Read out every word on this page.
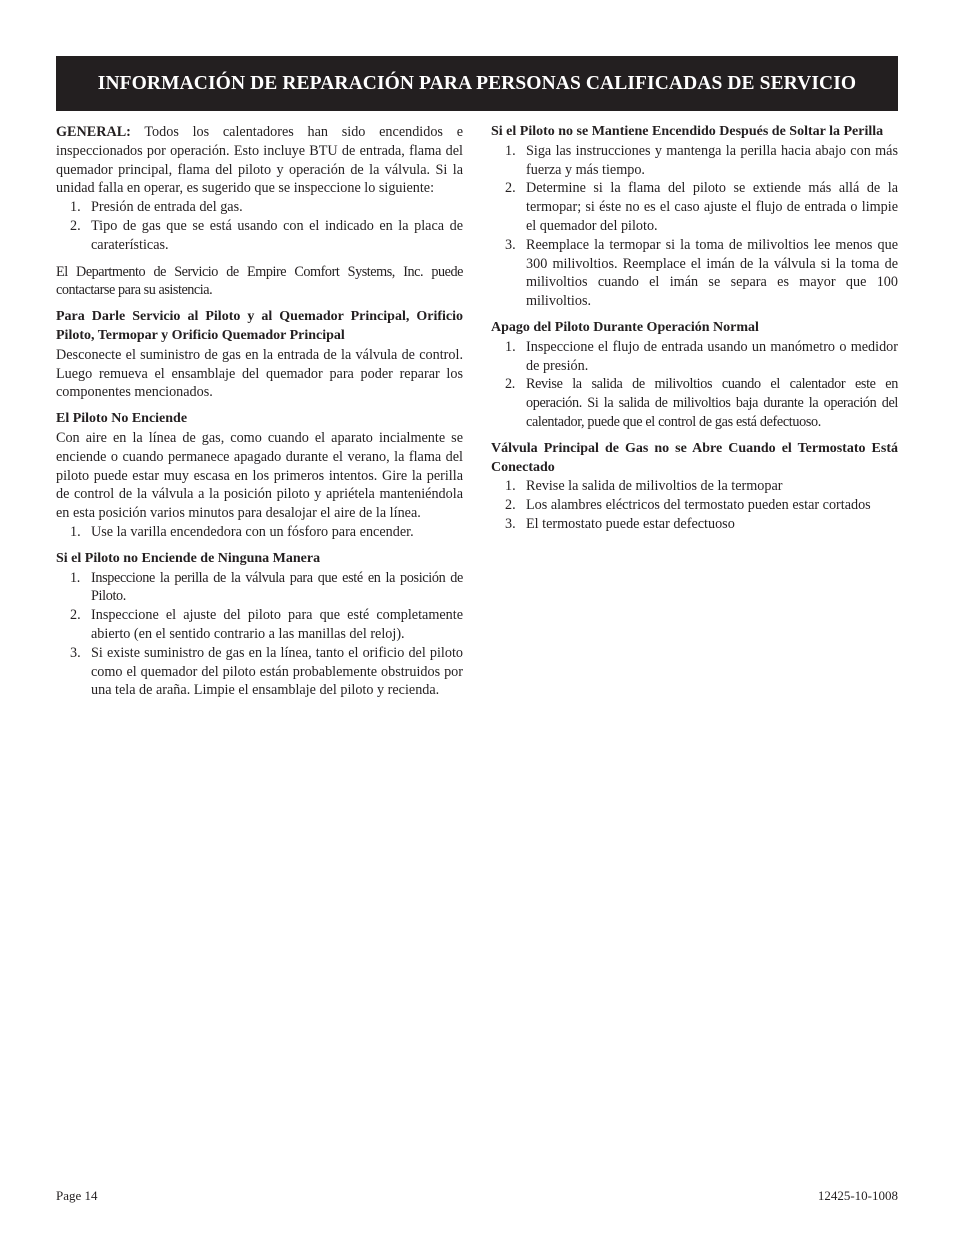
INFORMACIÓN DE REPARACIÓN PARA PERSONAS CALIFICADAS DE SERVICIO

GENERAL: Todos los calentadores han sido encendidos e inspeccionados por operación. Esto incluye BTU de entrada, flama del quemador principal, flama del piloto y operación de la válvula. Si la unidad falla en operar, es sugerido que se inspeccione lo siguiente:

1. Presión de entrada del gas.
2. Tipo de gas que se está usando con el indicado en la placa de caraterísticas.

El Departmento de Servicio de Empire Comfort Systems, Inc. puede contactarse para su asistencia.

Para Darle Servicio al Piloto y al Quemador Principal, Orificio Piloto, Termopar y Orificio Quemador Principal

Desconecte el suministro de gas en la entrada de la válvula de control. Luego remueva el ensamblaje del quemador para poder reparar los componentes mencionados.

El Piloto No Enciende

Con aire en la línea de gas, como cuando el aparato incialmente se enciende o cuando permanece apagado durante el verano, la flama del piloto puede estar muy escasa en los primeros intentos. Gire la perilla de control de la válvula a la posición piloto y apriétela manteniéndola en esta posición varios minutos para desalojar el aire de la línea.

1. Use la varilla encendedora con un fósforo para encender.
Si el Piloto no Enciende de Ninguna Manera
1. Inspeccione la perilla de la válvula para que esté en la posición de Piloto.
2. Inspeccione el ajuste del piloto para que esté completamente abierto (en el sentido contrario a las manillas del reloj).
3. Si existe suministro de gas en la línea, tanto el orificio del piloto como el quemador del piloto están probablemente obstruidos por una tela de araña. Limpie el ensamblaje del piloto y recienda.
Si el Piloto no se Mantiene Encendido Después de Soltar la Perilla
1. Siga las instrucciones y mantenga la perilla hacia abajo con más fuerza y más tiempo.
2. Determine si la flama del piloto se extiende más allá de la termopar; si éste no es el caso ajuste el flujo de entrada o limpie el quemador del piloto.
3. Reemplace la termopar si la toma de milivoltios lee menos que 300 milivoltios. Reemplace el imán de la válvula si la toma de milivoltios cuando el imán se separa es mayor que 100 milivoltios.
Apago del Piloto Durante Operación Normal
1. Inspeccione el flujo de entrada usando un manómetro o medidor de presión.
2. Revise la salida de milivoltios cuando el calentador este en operación. Si la salida de milivoltios baja durante la operación del calentador, puede que el control de gas está defectuoso.
Válvula Principal de Gas no se Abre Cuando el Termostato Está Conectado
1. Revise la salida de milivoltios de la termopar
2. Los alambres eléctricos del termostato pueden estar cortados
3. El termostato puede estar defectuoso
Page 14	12425-10-1008
